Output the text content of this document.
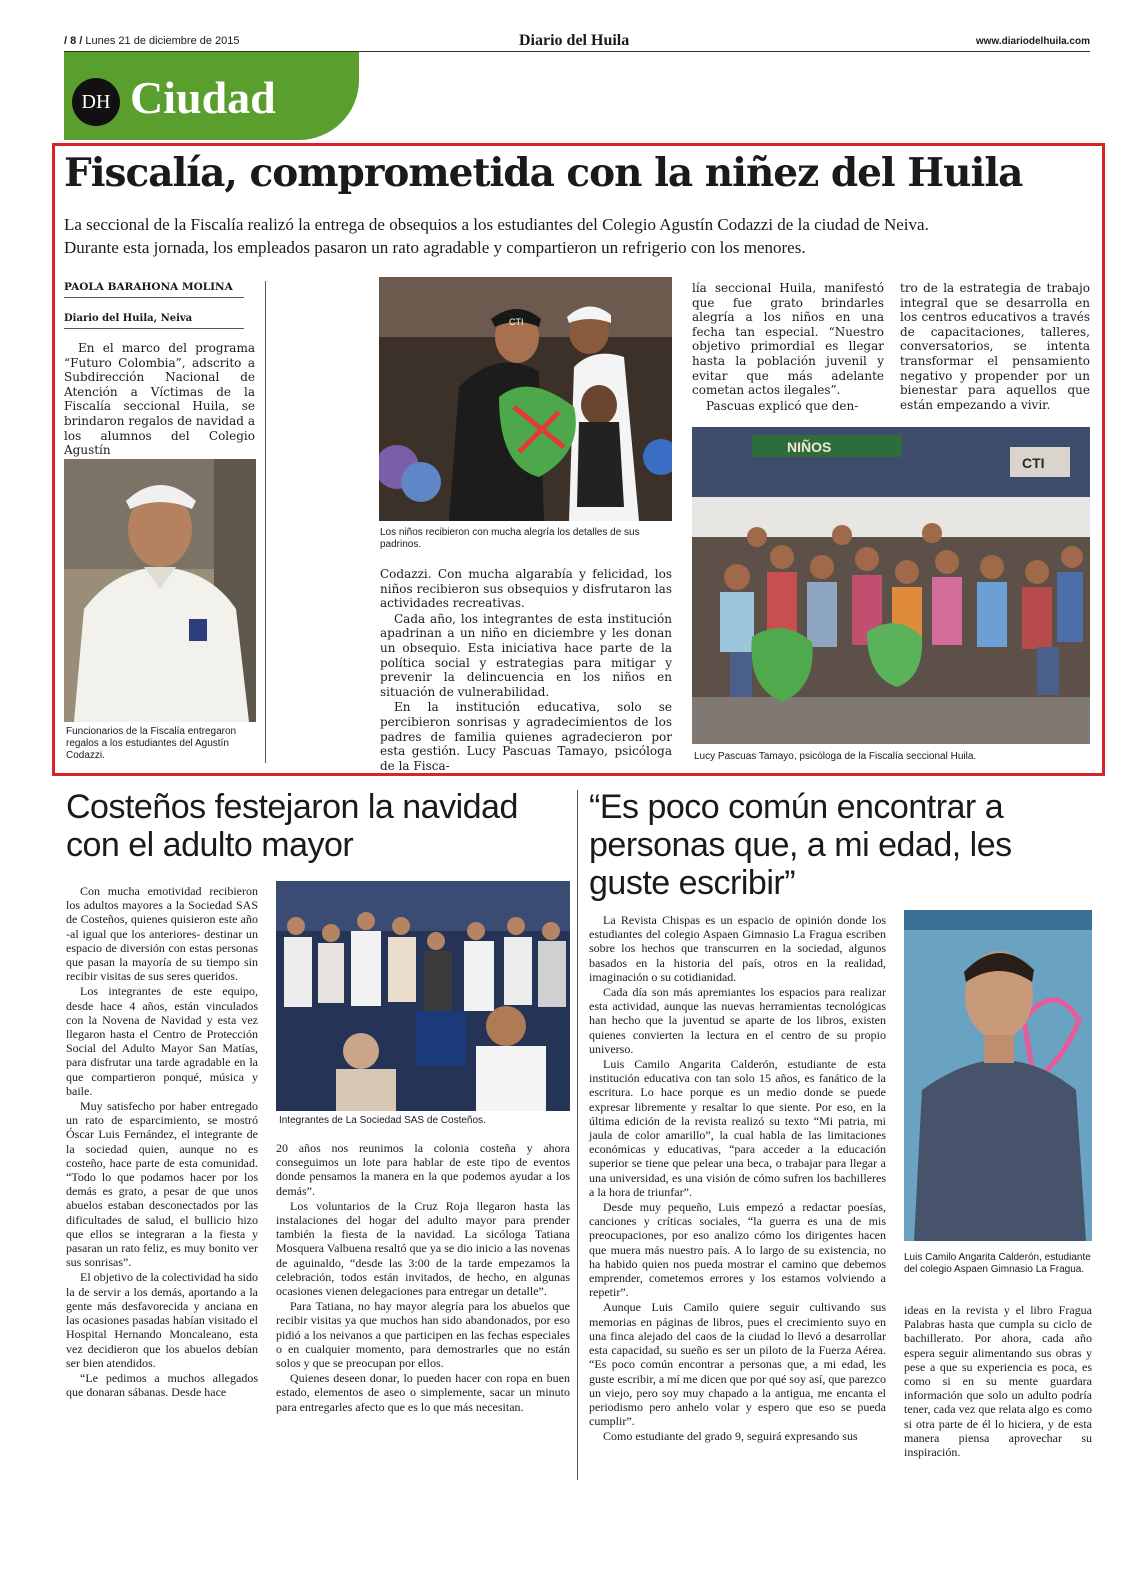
/ 8 / Lunes 21 de diciembre de 2015	Diario del Huila	www.diariodelhuila.com
DH Ciudad
Fiscalía, comprometida con la niñez del Huila
La seccional de la Fiscalía realizó la entrega de obsequios a los estudiantes del Colegio Agustín Codazzi de la ciudad de Neiva. Durante esta jornada, los empleados pasaron un rato agradable y compartieron un refrigerio con los menores.
PAOLA BARAHONA MOLINA
Diario del Huila, Neiva

En el marco del programa “Futuro Colombia”, adscrito a Subdirección Nacional de Atención a Víctimas de la Fiscalía seccional Huila, se brindaron regalos de navidad a los alumnos del Colegio Agustín

Funcionarios de la Fiscalía entregaron regalos a los estudiantes del Agustín Codazzi.
CTI
Los niños recibieron con mucha alegría los detalles de sus padrinos.

Codazzi. Con mucha algarabía y felicidad, los niños recibieron sus obsequios y disfrutaron las actividades recreativas.

Cada año, los integrantes de esta institución apadrinan a un niño en diciembre y les donan un obsequio. Esta iniciativa hace parte de la política social y estrategias para mitigar y prevenir la delincuencia en los niños en situación de vulnerabilidad.

En la institución educativa, solo se percibieron sonrisas y agradecimientos de los padres de familia quienes agradecieron por esta gestión. Lucy Pascuas Tamayo, psicóloga de la Fisca-

lía seccional Huila, manifestó que fue grato brindarles alegría a los niños en una fecha tan especial. “Nuestro objetivo primordial es llegar hasta la población juvenil y evitar que más adelante cometan actos ilegales”.

Pascuas explicó que den-

tro de la estrategia de trabajo integral que se desarrolla en los centros educativos a través de capacitaciones, talleres, conversatorios, se intenta transformar el pensamiento negativo y propender por un bienestar para aquellos que están empezando a vivir.

NIÑOS
CTI
Lucy Pascuas Tamayo, psicóloga de la Fiscalía seccional Huila.
Costeños festejaron la navidad con el adulto mayor

Con mucha emotividad recibieron los adultos mayores a la Sociedad SAS de Costeños, quienes quisieron este año -al igual que los anteriores- destinar un espacio de diversión con estas personas que pasan la mayoría de su tiempo sin recibir visitas de sus seres queridos.

Los integrantes de este equipo, desde hace 4 años, están vinculados con la Novena de Navidad y esta vez llegaron hasta el Centro de Protección Social del Adulto Mayor San Matías, para disfrutar una tarde agradable en la que compartieron ponqué, música y baile.

Muy satisfecho por haber entregado un rato de esparcimiento, se mostró Óscar Luis Fernández, el integrante de la sociedad quien, aunque no es costeño, hace parte de esta comunidad. “Todo lo que podamos hacer por los demás es grato, a pesar de que unos abuelos estaban desconectados por las dificultades de salud, el bullicio hizo que ellos se integraran a la fiesta y pasaran un rato feliz, es muy bonito ver sus sonrisas”.

El objetivo de la colectividad ha sido la de servir a los demás, aportando a la gente más desfavorecida y anciana en las ocasiones pasadas habían visitado el Hospital Hernando Moncaleano, esta vez decidieron que los abuelos debían ser bien atendidos.

“Le pedimos a muchos allegados que donaran sábanas. Desde hace

Integrantes de La Sociedad SAS de Costeños.

20 años nos reunimos la colonia costeña y ahora conseguimos un lote para hablar de este tipo de eventos donde pensamos la manera en la que podemos ayudar a los demás”.

Los voluntarios de la Cruz Roja llegaron hasta las instalaciones del hogar del adulto mayor para prender también la fiesta de la navidad. La sicóloga Tatiana Mosquera Valbuena resaltó que ya se dio inicio a las novenas de aguinaldo, “desde las 3:00 de la tarde empezamos la celebración, todos están invitados, de hecho, en algunas ocasiones vienen delegaciones para entregar un detalle”.

Para Tatiana, no hay mayor alegría para los abuelos que recibir visitas ya que muchos han sido abandonados, por eso pidió a los neivanos a que participen en las fechas especiales o en cualquier momento, para demostrarles que no están solos y que se preocupan por ellos.

Quienes deseen donar, lo pueden hacer con ropa en buen estado, elementos de aseo o simplemente, sacar un minuto para entregarles afecto que es lo que más necesitan.

“Es poco común encontrar a personas que, a mi edad, les guste escribir”

La Revista Chispas es un espacio de opinión donde los estudiantes del colegio Aspaen Gimnasio La Fragua escriben sobre los hechos que transcurren en la sociedad, algunos basados en la historia del país, otros en la realidad, imaginación o su cotidianidad.

Cada día son más apremiantes los espacios para realizar esta actividad, aunque las nuevas herramientas tecnológicas han hecho que la juventud se aparte de los libros, existen quienes convierten la lectura en el centro de su propio universo.

Luis Camilo Angarita Calderón, estudiante de esta institución educativa con tan solo 15 años, es fanático de la escritura. Lo hace porque es un medio donde se puede expresar libremente y resaltar lo que siente. Por eso, en la última edición de la revista realizó su texto “Mi patria, mi jaula de color amarillo”, la cual habla de las limitaciones económicas y educativas, “para acceder a la educación superior se tiene que pelear una beca, o trabajar para llegar a una universidad, es una visión de cómo sufren los bachilleres a la hora de triunfar”.

Desde muy pequeño, Luis empezó a redactar poesías, canciones y críticas sociales, “la guerra es una de mis preocupaciones, por eso analizo cómo los dirigentes hacen que muera más nuestro país. A lo largo de su existencia, no ha habido quien nos pueda mostrar el camino que debemos emprender, cometemos errores y los estamos volviendo a repetir”.

Aunque Luis Camilo quiere seguir cultivando sus memorias en páginas de libros, pues el crecimiento suyo en una finca alejado del caos de la ciudad lo llevó a desarrollar esta capacidad, su sueño es ser un piloto de la Fuerza Aérea. “Es poco común encontrar a personas que, a mi edad, les guste escribir, a mí me dicen que por qué soy así, que parezco un viejo, pero soy muy chapado a la antigua, me encanta el periodismo pero anhelo volar y espero que eso se pueda cumplir”.

Como estudiante del grado 9, seguirá expresando sus

Luis Camilo Angarita Calderón, estudiante del colegio Aspaen Gimnasio La Fragua.

ideas en la revista y el libro Fragua Palabras hasta que cumpla su ciclo de bachillerato. Por ahora, cada año espera seguir alimentando sus obras y pese a que su experiencia es poca, es como si en su mente guardara información que solo un adulto podría tener, cada vez que relata algo es como si otra parte de él lo hiciera, y de esta manera piensa aprovechar su inspiración.
